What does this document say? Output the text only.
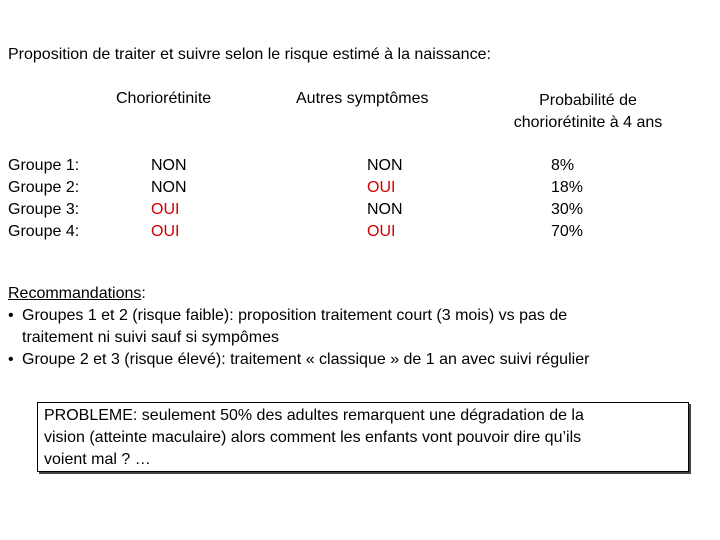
Proposition de traiter et suivre selon le risque estimé à la naissance:
Choriorétinite	Autres symptômes	Probabilité de
choriorétinite à 4 ans
Groupe 1:
Groupe 2:
Groupe 3:
Groupe 4:
NON
NON
OUI
OUI
NON
OUI
NON
OUI
8%
18%
30%
70%
Recommandations:
• Groupes 1 et 2 (risque faible): proposition traitement court (3 mois) vs pas de
traitement ni suivi sauf si sympômes
• Groupe 2 et 3 (risque élevé): traitement « classique » de 1 an avec suivi régulier
PROBLEME: seulement 50% des adultes remarquent une dégradation de la
vision (atteinte maculaire) alors comment les enfants vont pouvoir dire qu’ils
voient mal ? …
